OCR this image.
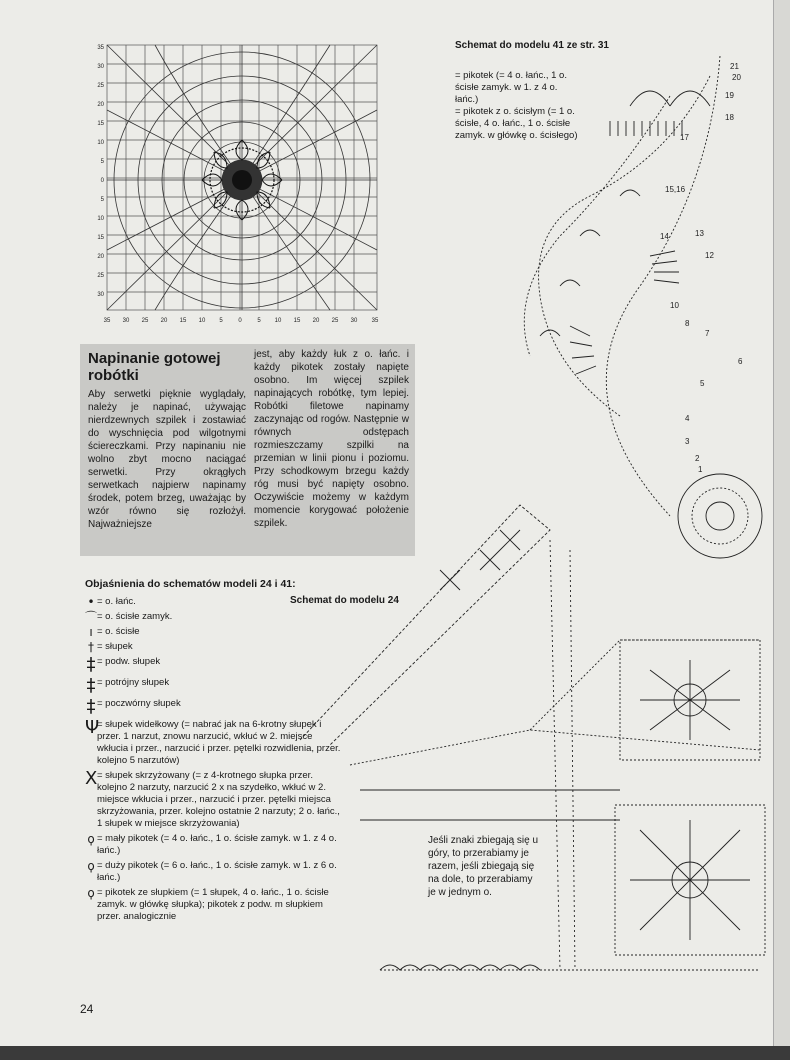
35
30
25
20
15
10
5
0
5
10
15
20
25
30
35 30 25 20 15 10 5	0	5 10 15 20 25 30 35
Napinanie gotowej robótki
Aby serwetki pięknie wyglądały, należy je napinać, używając nierdzewnych szpilek i zostawiać do wyschnięcia pod wilgotnymi ściereczkami. Przy napinaniu nie wolno zbyt mocno naciągać serwetki. Przy okrągłych serwetkach najpierw napinamy środek, potem brzeg, uważając by wzór równo się rozłożył. Najważniejsze
jest, aby każdy łuk z o. łańc. i każdy pikotek zostały napięte osobno. Im więcej szpilek napinających robótkę, tym lepiej. Robótki filetowe napinamy zaczynając od rogów. Następnie w równych odstępach rozmieszczamy szpilki na przemian w linii pionu i poziomu. Przy schodkowym brzegu każdy róg musi być napięty osobno. Oczywiście możemy w każdym momencie korygować położenie szpilek.
Objaśnienia do schematów modeli 24 i 41:
• = o. łańc.
⌒ = o. ścisłe zamyk.
ı = o. ścisłe
† = słupek
‡ = podw. słupek
‡ = potrójny słupek
‡ = poczwórny słupek
Ψ
= słupek widełkowy (= nabrać jak na 6-krotny słupek i przer. 1 narzut, znowu narzucić, wkłuć w 2. miejsce wkłucia i przer., narzucić i przer. pętelki rozwidlenia, przer. kolejno 5 narzutów)
X = słupek skrzyżowany (= z 4-krotnego słupka przer. kolejno 2 narzuty, narzucić 2 x na szydełko, wkłuć w 2. miejsce wkłucia i przer., narzucić i przer. pętelki miejsca skrzyżowania, przer. kolejno ostatnie 2 narzuty; 2 o. łańc., 1 słupek w miejsce skrzyżowania)
ϙ = mały pikotek (= 4 o. łańc., 1 o. ścisłe zamyk. w 1. z 4 o. łańc.)
ϙ = duży pikotek (= 6 o. łańc., 1 o. ścisłe zamyk. w 1. z 6 o. łańc.)
ϙ = pikotek ze słupkiem (= 1 słupek, 4 o. łańc., 1 o. ścisłe zamyk. w główkę słupka); pikotek z podw. m słupkiem przer. analogicznie
Schemat do modelu 41 ze str. 31
= pikotek (= 4 o. łańc., 1 o. ścisłe zamyk. w 1. z 4 o. łańc.)
= pikotek z o. ścisłym (= 1 o. ścisłe, 4 o. łańc., 1 o. ścisłe zamyk. w główkę o. ścisłego)
21
20
19
18
17
15,16
14	13
12
10
8
7
6
5
4
3
2
1
Schemat do modelu 24
Jeśli znaki zbiegają się u góry, to przerabiamy je razem, jeśli zbiegają się na dole, to przerabiamy je w jednym o.
24
